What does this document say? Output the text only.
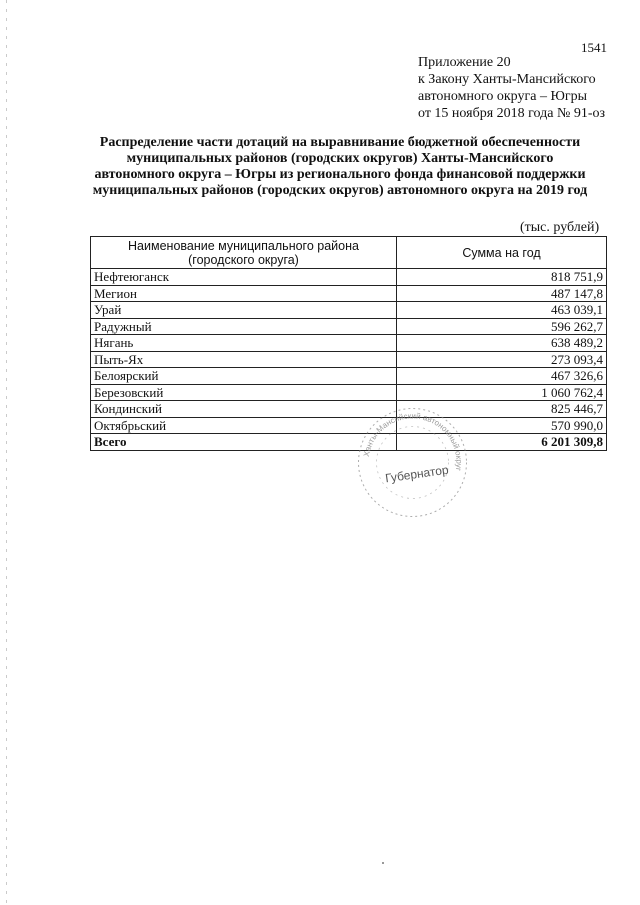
1541
Приложение 20
к Закону Ханты-Мансийского
автономного округа – Югры
от 15 ноября 2018 года № 91-оз
Распределение части дотаций на выравнивание бюджетной обеспеченности
муниципальных районов (городских округов) Ханты-Мансийского
автономного округа – Югры из регионального фонда финансовой поддержки
муниципальных районов (городских округов) автономного округа на 2019 год
(тыс. рублей)
Наименование муниципального района
(городского округа)	Сумма на год
Нефтеюганск	818 751,9
Мегион	487 147,8
Урай	463 039,1
Радужный	596 262,7
Нягань	638 489,2
Пыть-Ях	273 093,4
Белоярский	467 326,6
Березовский	1 060 762,4
Кондинский	825 446,7
Октябрьский	570 990,0
Всего	6 201 309,8
Ханты-Мансийский автономный округ
Губернатор
